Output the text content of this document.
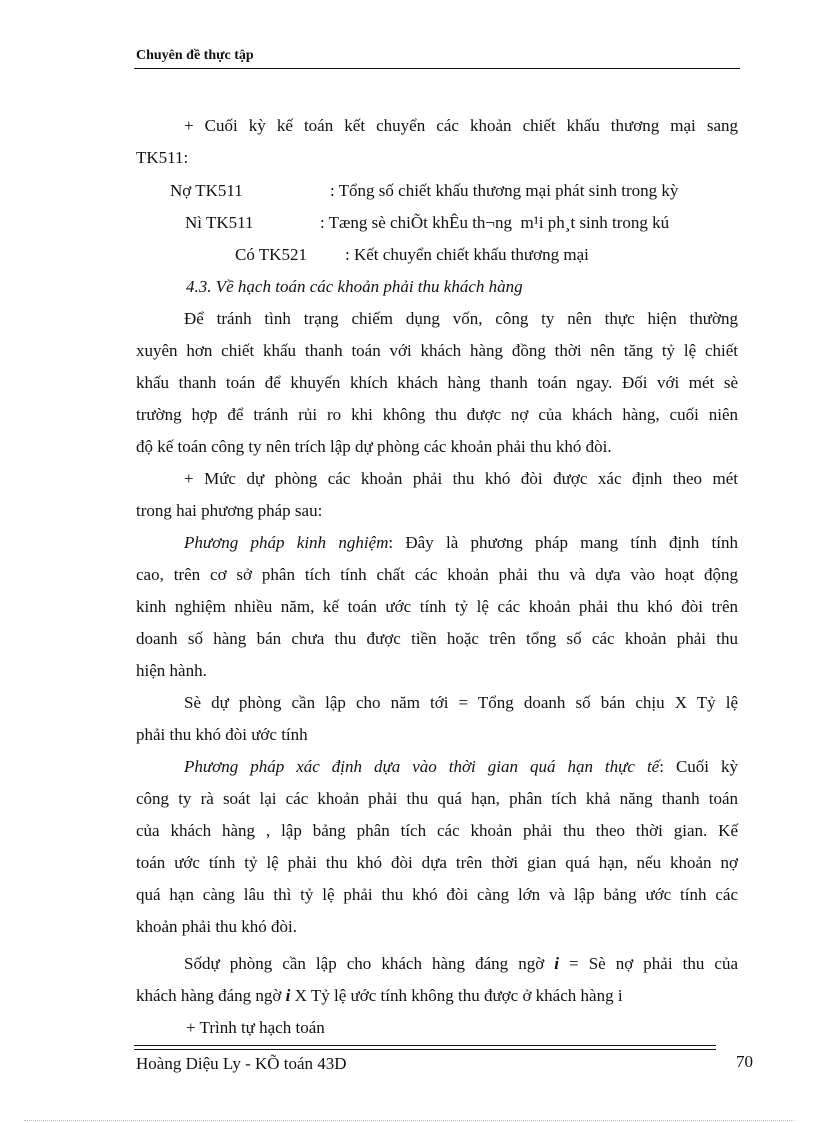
Chuyên đề thực tập
+ Cuối kỳ kế toán kết chuyển các khoản chiết khấu thương mại sang
TK511:
Nợ TK511	: Tổng số chiết khấu thương mại phát sinh trong kỳ
Nì TK511	: Tæng sè chiÕt khÊu th¬ng  m¹i ph¸t sinh trong kú
Có TK521 : Kết chuyển chiết khấu thương mại
4.3. Về hạch toán các khoản phải thu khách hàng
Để tránh tình trạng chiếm dụng vốn, công ty nên thực hiện thường
xuyên hơn chiết khấu thanh toán với khách hàng đồng thời nên tăng tỷ lệ chiết
khấu thanh toán để khuyến khích khách hàng thanh toán ngay. Đối với mét sè
trường hợp để tránh rủi ro khi không thu được nợ của khách hàng, cuối niên
độ kế toán công ty nên trích lập dự phòng các khoản phải thu khó đòi.
+ Mức dự phòng các khoản phải thu khó đòi được xác định theo mét
trong hai phương pháp sau:
Phương pháp kinh nghiệm: Đây là phương pháp mang tính định tính
cao, trên cơ sở phân tích tính chất các khoản phải thu và dựa vào hoạt động
kinh nghiệm nhiều năm, kế toán ước tính tỷ lệ các khoản phải thu khó đòi trên
doanh số hàng bán chưa thu được tiền hoặc trên tổng số các khoản phải thu
hiện hành.
Sè dự phòng cần lập cho năm tới = Tổng doanh số bán chịu X Tỷ lệ
phải thu khó đòi ước tính
Phương pháp xác định dựa vào thời gian quá hạn thực tế: Cuối kỳ
công ty rà soát lại các khoản phải thu quá hạn, phân tích khả năng thanh toán
của khách hàng , lập bảng phân tích các khoản phải thu theo thời gian. Kế
toán ước tính tỷ lệ phải thu khó đòi dựa trên thời gian quá hạn, nếu khoản nợ
quá hạn càng lâu thì tỷ lệ phải thu khó đòi càng lớn và lập bảng ước tính các
khoản phải thu khó đòi.
Sốdự phòng cần lập cho khách hàng đáng ngờ i = Sè nợ phải thu của
khách hàng đáng ngờ i X Tỷ lệ ước tính không thu được ở khách hàng i
+ Trình tự hạch toán
Hoàng Diệu Ly - KÕ toán 43D	70
